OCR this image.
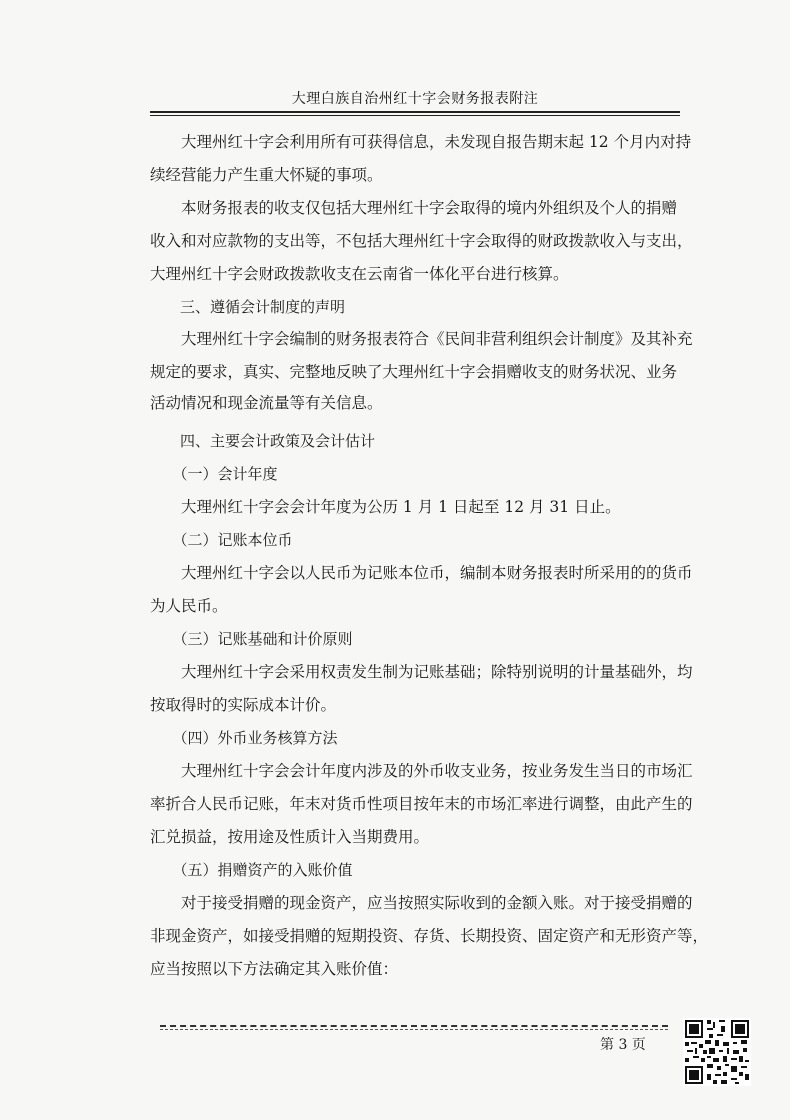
大理白族自治州红十字会财务报表附注
　　大理州红十字会利用所有可获得信息，未发现自报告期末起 12 个月内对持
续经营能力产生重大怀疑的事项。
　　本财务报表的收支仅包括大理州红十字会取得的境内外组织及个人的捐赠
收入和对应款物的支出等，不包括大理州红十字会取得的财政拨款收入与支出，
大理州红十字会财政拨款收支在云南省一体化平台进行核算。
　　三、遵循会计制度的声明
　　大理州红十字会编制的财务报表符合《民间非营利组织会计制度》及其补充
规定的要求，真实、完整地反映了大理州红十字会捐赠收支的财务状况、业务
活动情况和现金流量等有关信息。
　　四、主要会计政策及会计估计
　　（一）会计年度
　　大理州红十字会会计年度为公历 1 月 1 日起至 12 月 31 日止。
　　（二）记账本位币
　　大理州红十字会以人民币为记账本位币，编制本财务报表时所采用的的货币
为人民币。
　　（三）记账基础和计价原则
　　大理州红十字会采用权责发生制为记账基础；除特别说明的计量基础外，均
按取得时的实际成本计价。
　　（四）外币业务核算方法
　　大理州红十字会会计年度内涉及的外币收支业务，按业务发生当日的市场汇
率折合人民币记账，年末对货币性项目按年末的市场汇率进行调整，由此产生的
汇兑损益，按用途及性质计入当期费用。
　　（五）捐赠资产的入账价值
　　对于接受捐赠的现金资产，应当按照实际收到的金额入账。对于接受捐赠的
非现金资产，如接受捐赠的短期投资、存货、长期投资、固定资产和无形资产等，
应当按照以下方法确定其入账价值：
第 3 页
